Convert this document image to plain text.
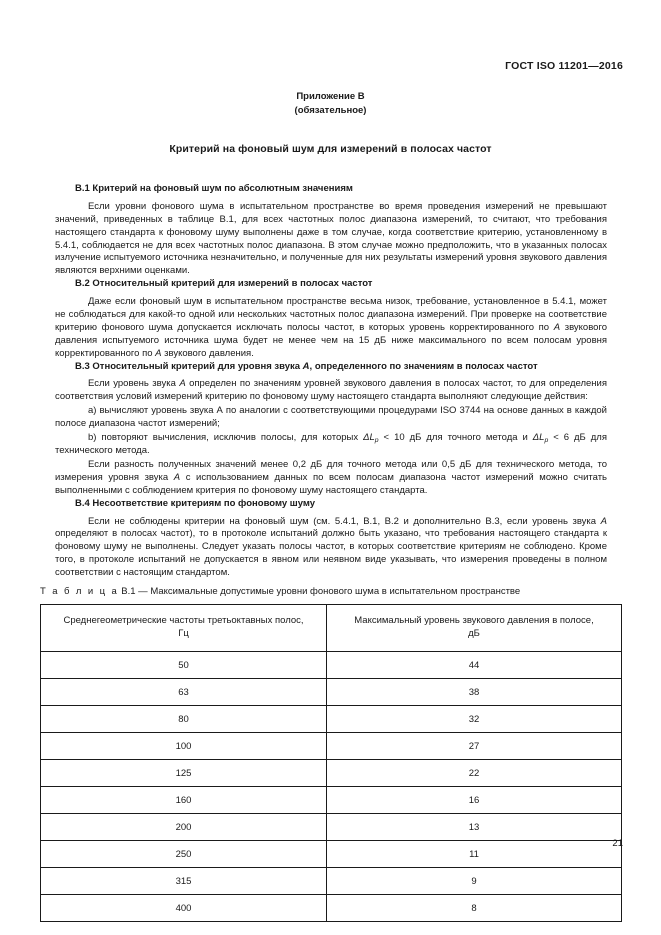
ГОСТ ISO 11201—2016
Приложение В
(обязательное)
Критерий на фоновый шум для измерений в полосах частот
В.1 Критерий на фоновый шум по абсолютным значениям

Если уровни фонового шума в испытательном пространстве во время проведения измерений не превышают значений, приведенных в таблице В.1, для всех частотных полос диапазона измерений, то считают, что требования настоящего стандарта к фоновому шуму выполнены даже в том случае, когда соответствие критерию, установленному в 5.4.1, соблюдается не для всех частотных полос диапазона. В этом случае можно предположить, что в указанных полосах излучение испытуемого источника незначительно, и полученные для них результаты измерений уровня звукового давления являются верхними оценками.

В.2 Относительный критерий для измерений в полосах частот

Даже если фоновый шум в испытательном пространстве весьма низок, требование, установленное в 5.4.1, может не соблюдаться для какой-то одной или нескольких частотных полос диапазона измерений. При проверке на соответствие критерию фонового шума допускается исключать полосы частот, в которых уровень корректированного по A звукового давления испытуемого источника шума будет не менее чем на 15 дБ ниже максимального по всем полосам уровня корректированного по A звукового давления.

В.3 Относительный критерий для уровня звука A, определенного по значениям в полосах частот

Если уровень звука A определен по значениям уровней звукового давления в полосах частот, то для определения соответствия условий измерений критерию по фоновому шуму настоящего стандарта выполняют следующие действия:

а) вычисляют уровень звука А по аналогии с соответствующими процедурами ISO 3744 на основе данных в каждой полосе диапазона частот измерений;

b) повторяют вычисления, исключив полосы, для которых $\Delta L_p < 10$ дБ для точного метода и $\Delta L_p < 6$ дБ для технического метода.

Если разность полученных значений менее 0,2 дБ для точного метода или 0,5 дБ для технического метода, то измерения уровня звука A с использованием данных по всем полосам диапазона частот измерений можно считать выполненными с соблюдением критерия по фоновому шуму настоящего стандарта.

В.4 Несоответствие критериям по фоновому шуму

Если не соблюдены критерии на фоновый шум (см. 5.4.1, В.1, В.2 и дополнительно В.3, если уровень звука A определяют в полосах частот), то в протоколе испытаний должно быть указано, что требования настоящего стандарта к фоновому шуму не выполнены. Следует указать полосы частот, в которых соответствие критериям не соблюдено. Кроме того, в протоколе испытаний не допускается в явном или неявном виде указывать, что измерения проведены в полном соответствии с настоящим стандартом.

Т а б л и ц а В.1 — Максимальные допустимые уровни фонового шума в испытательном пространстве
Среднегеометрические частоты третьоктавных полос,
Гц	Максимальный уровень звукового давления в полосе,
дБ

50	44
63	38
80	32
100	27
125	22
160	16
200	13
250	11
315	9
400	8
21
